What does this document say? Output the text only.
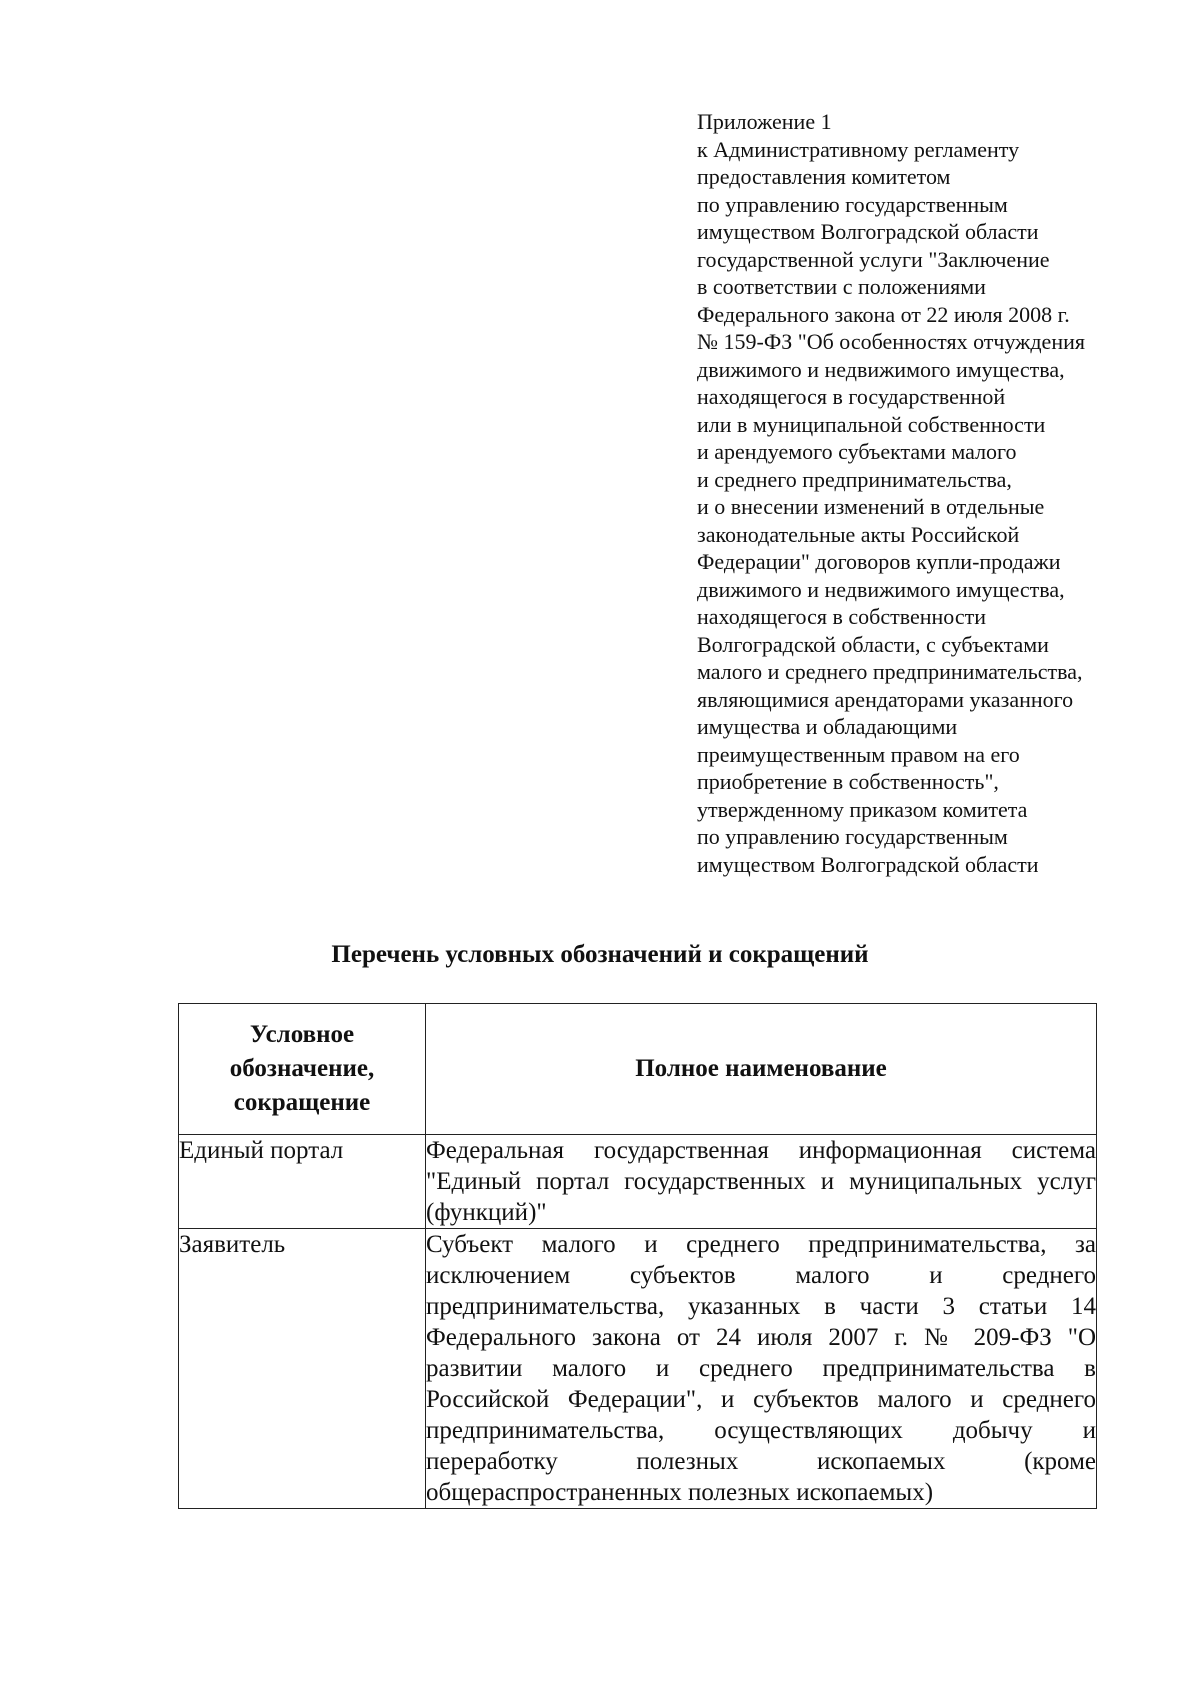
Приложение 1
к Административному регламенту
предоставления комитетом
по управлению государственным
имуществом Волгоградской области
государственной услуги "Заключение
в соответствии с положениями
Федерального закона от 22 июля 2008 г.
№ 159-ФЗ "Об особенностях отчуждения
движимого и недвижимого имущества,
находящегося в государственной
или в муниципальной собственности
и арендуемого субъектами малого
и среднего предпринимательства,
и о внесении изменений в отдельные
законодательные акты Российской
Федерации" договоров купли-продажи
движимого и недвижимого имущества,
находящегося в собственности
Волгоградской области, с субъектами
малого и среднего предпринимательства,
являющимися арендаторами указанного
имущества и обладающими
преимущественным правом на его
приобретение в собственность",
утвержденному приказом комитета
по управлению государственным
имуществом Волгоградской области
Перечень условных обозначений и сокращений
Условное
обозначение,
сокращение	Полное наименование
Единый портал	Федеральная государственная информационная система "Единый портал государственных и муниципальных услуг (функций)"
Заявитель	Субъект малого и среднего предпринимательства, за исключением субъектов малого и среднего предпринимательства, указанных в части 3 статьи 14 Федерального закона от 24 июля 2007 г. № 209-ФЗ "О развитии малого и среднего предпринимательства в Российской Федерации", и субъектов малого и среднего предпринимательства, осуществляющих добычу и переработку полезных ископаемых (кроме общераспространенных полезных ископаемых)
